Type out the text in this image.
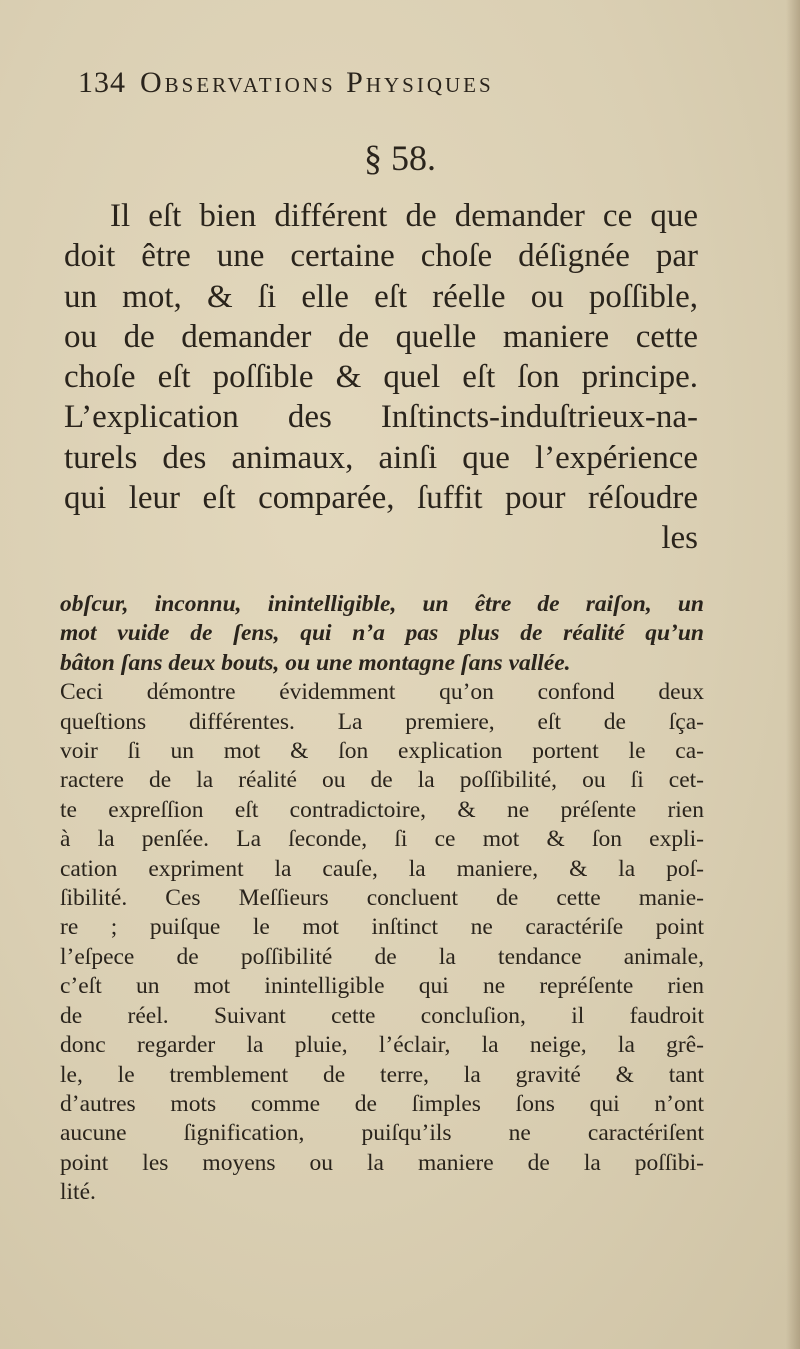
134 Observations Physiques
§ 58.
Il eſt bien différent de demander ce que
doit être une certaine choſe déſignée par
un mot, & ſi elle eſt réelle ou poſſible,
ou de demander de quelle maniere cette
choſe eſt poſſible & quel eſt ſon principe.
L’explication des Inſtincts-induſtrieux-na-
turels des animaux, ainſi que l’expérience
qui leur eſt comparée, ſuffit pour réſoudre
les
obſcur, inconnu, inintelligible, un être de raiſon, un
mot vuide de ſens, qui n’a pas plus de réalité qu’un
bâton ſans deux bouts, ou une montagne ſans vallée.
Ceci démontre évidemment qu’on confond deux
queſtions différentes. La premiere, eſt de ſça-
voir ſi un mot & ſon explication portent le ca-
ractere de la réalité ou de la poſſibilité, ou ſi cet-
te expreſſion eſt contradictoire, & ne préſente rien
à la penſée. La ſeconde, ſi ce mot & ſon expli-
cation expriment la cauſe, la maniere, & la poſ-
ſibilité. Ces Meſſieurs concluent de cette manie-
re ; puiſque le mot inſtinct ne caractériſe point
l’eſpece de poſſibilité de la tendance animale,
c’eſt un mot inintelligible qui ne repréſente rien
de réel. Suivant cette concluſion, il faudroit
donc regarder la pluie, l’éclair, la neige, la grê-
le, le tremblement de terre, la gravité & tant
d’autres mots comme de ſimples ſons qui n’ont
aucune ſignification, puiſqu’ils ne caractériſent
point les moyens ou la maniere de la poſſibi-
lité.
